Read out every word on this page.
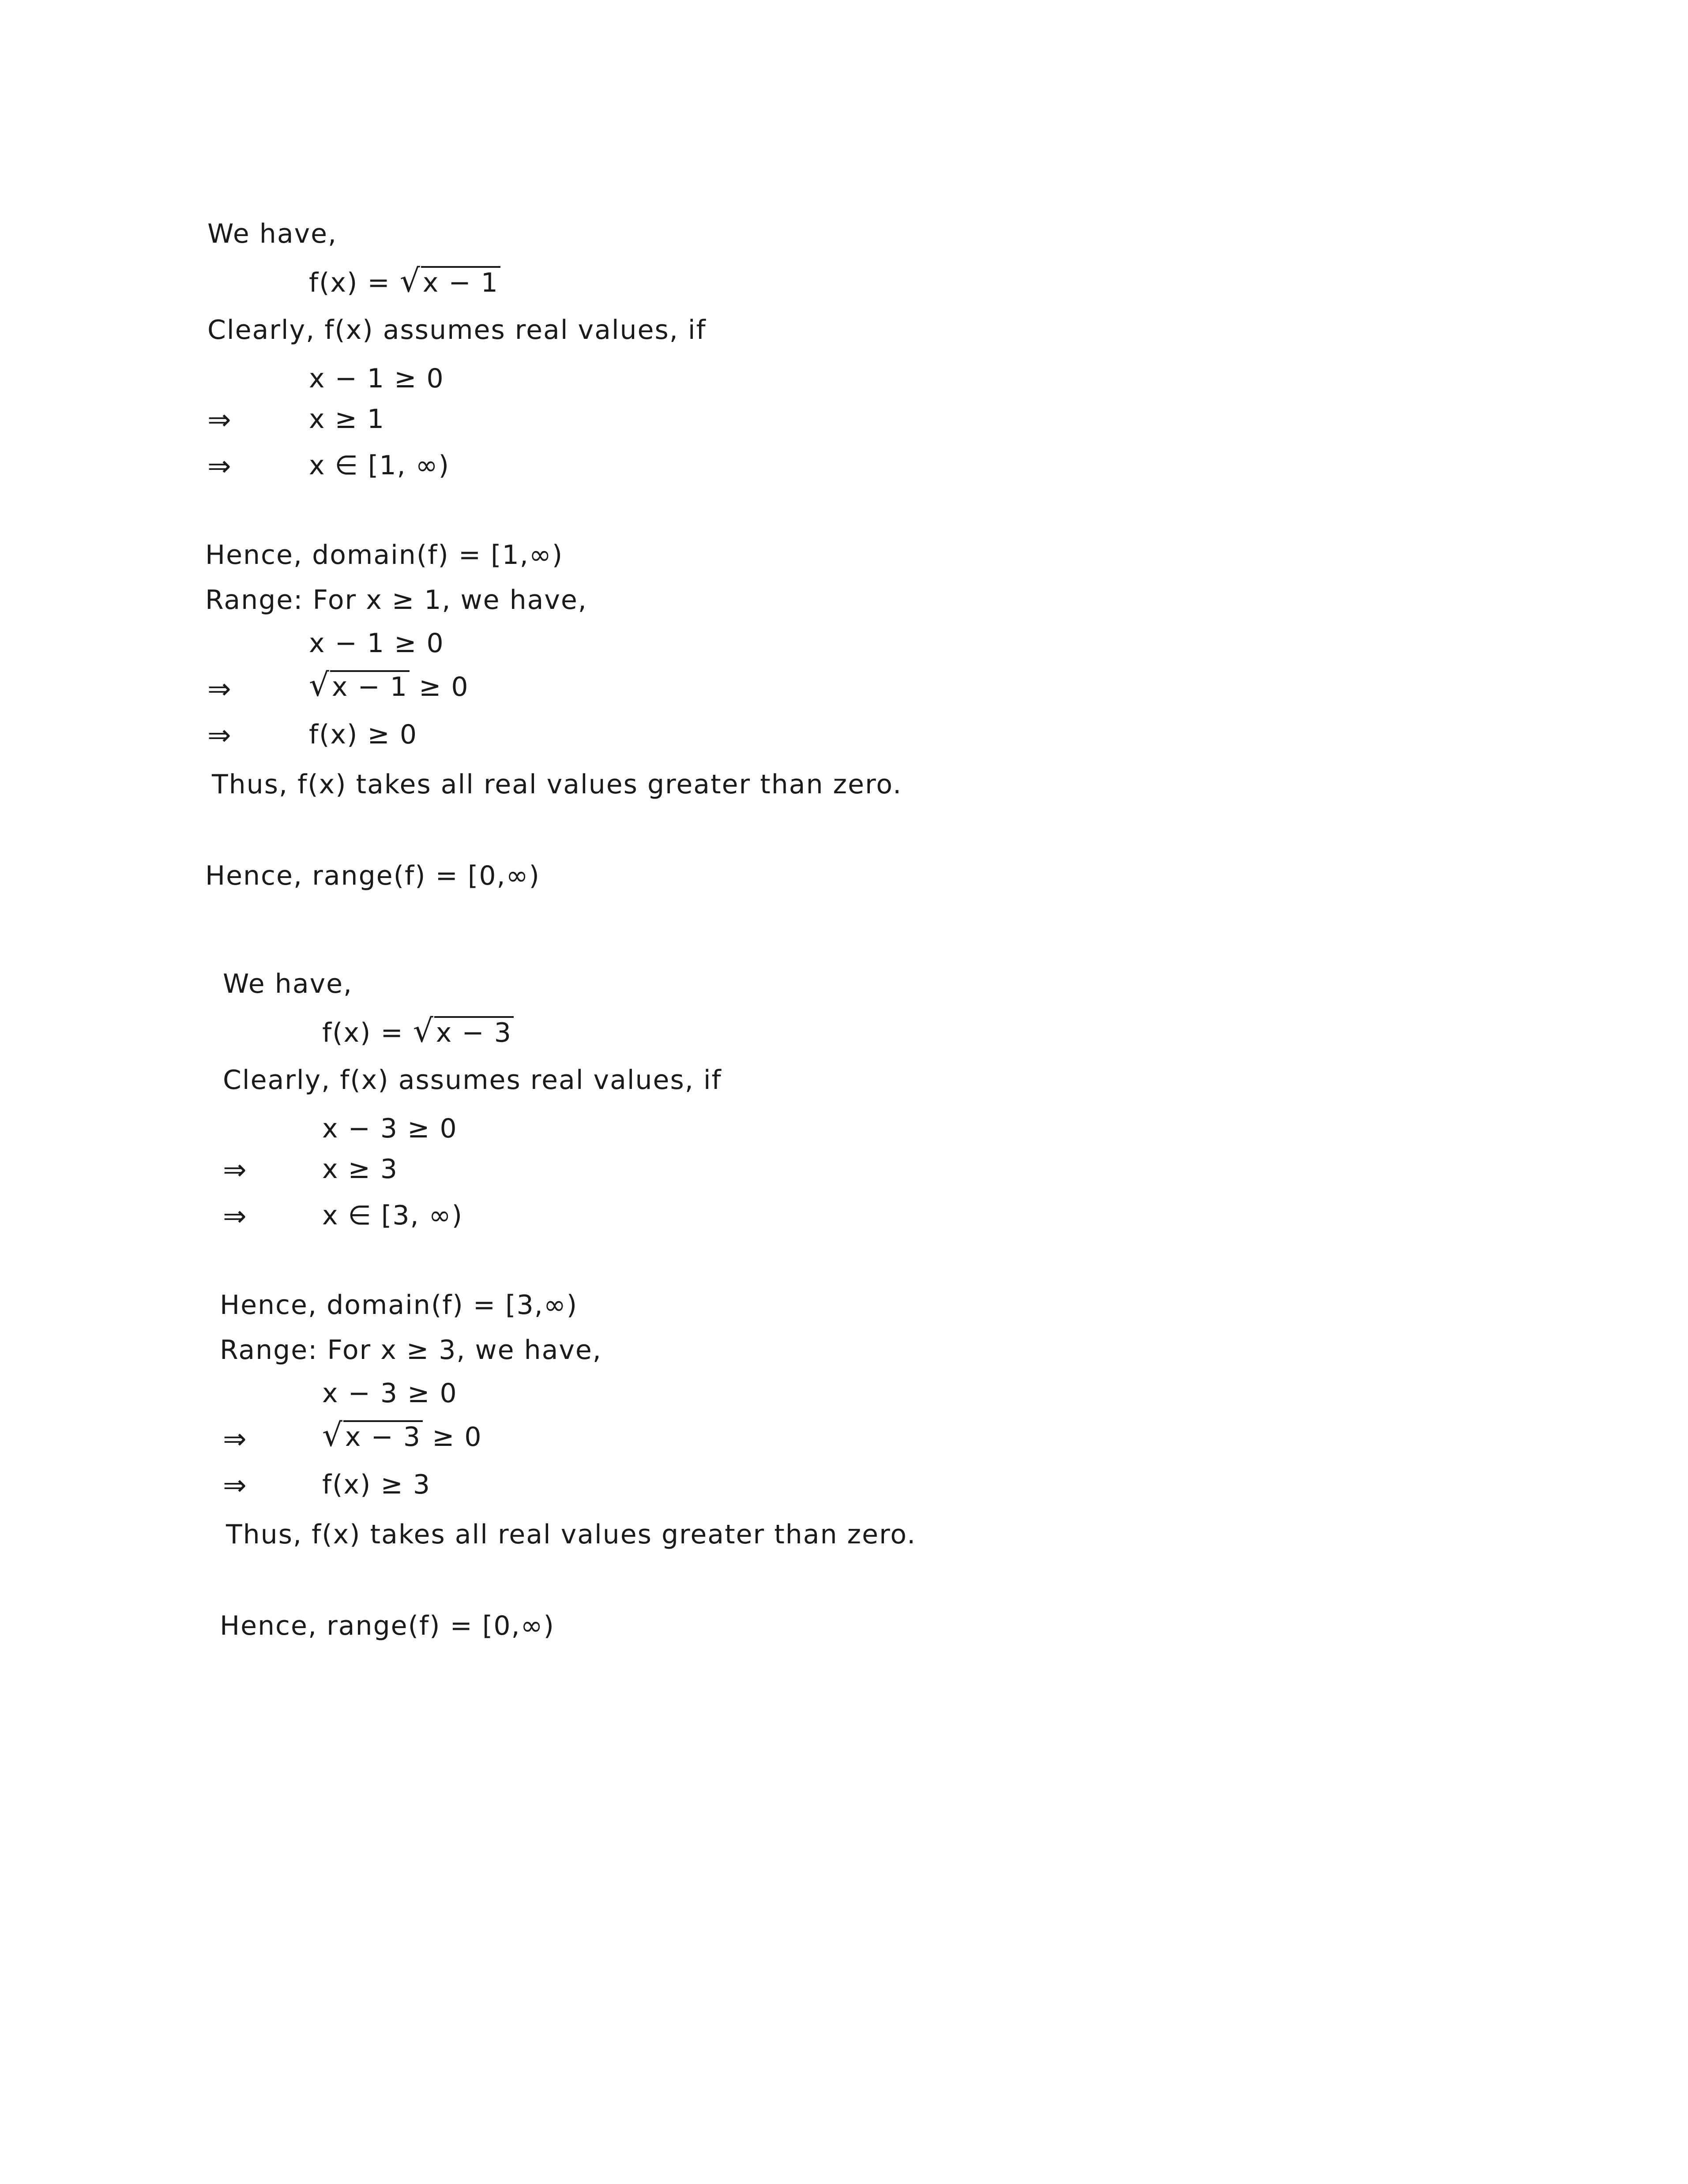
We have,
f(x) = √x − 1
Clearly, f(x) assumes real values, if
x − 1 ≥ 0
⇒	x ≥ 1
⇒	x ∈ [1, ∞)
Hence, domain(f) = [1,∞)
Range: For x ≥ 1, we have,
x − 1 ≥ 0
⇒ √x − 1 ≥ 0
⇒	f(x) ≥ 0
Thus, f(x) takes all real values greater than zero.
Hence, range(f) = [0,∞)
We have,
f(x) = √x − 3
Clearly, f(x) assumes real values, if
x − 3 ≥ 0
⇒	x ≥ 3
⇒	x ∈ [3, ∞)
Hence, domain(f) = [3,∞)
Range: For x ≥ 3, we have,
x − 3 ≥ 0
⇒ √x − 3 ≥ 0
⇒	f(x) ≥ 3
Thus, f(x) takes all real values greater than zero.
Hence, range(f) = [0,∞)
